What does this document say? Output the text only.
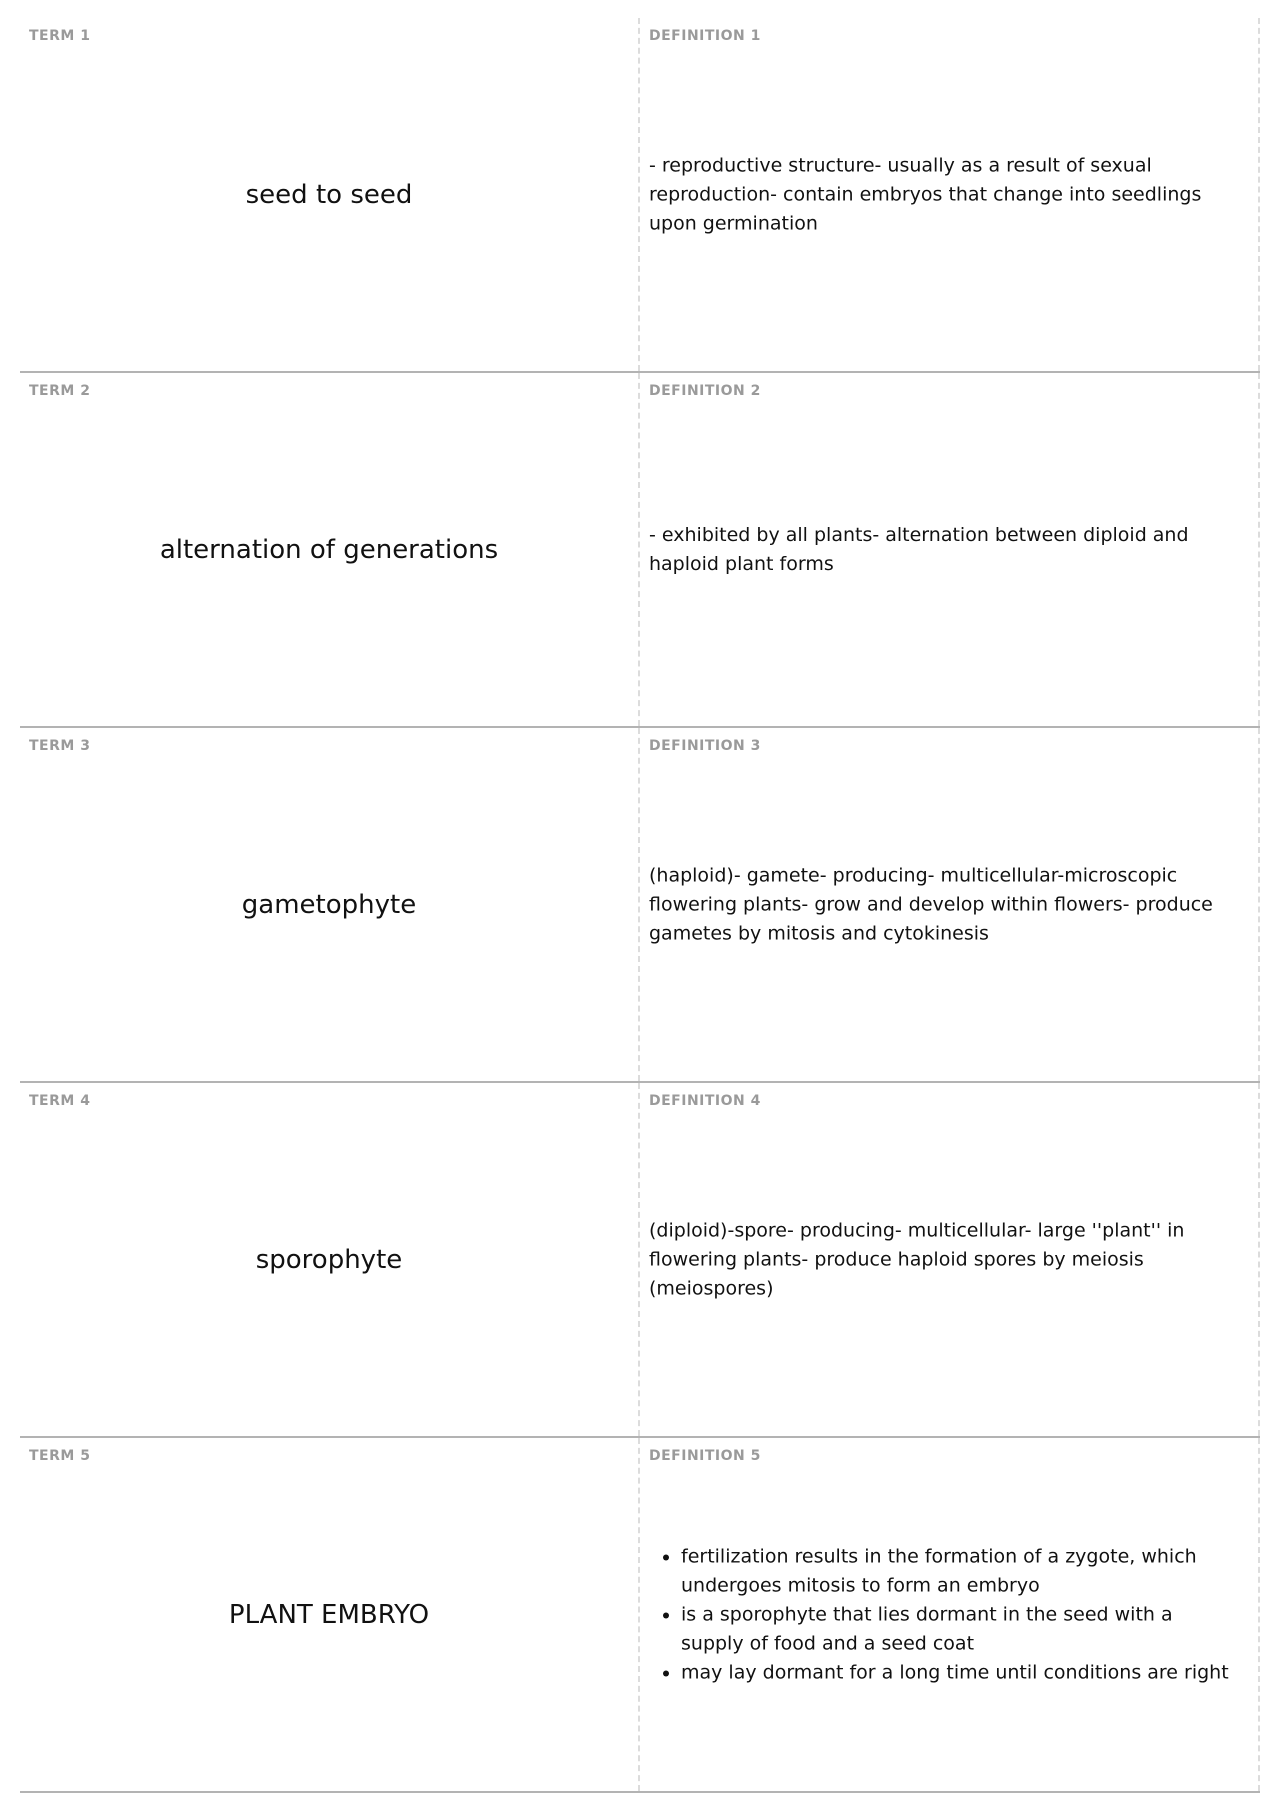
TERM 1
seed to seed
DEFINITION 1
- reproductive structure- usually as a result of sexual reproduction- contain embryos that change into seedlings upon germination
TERM 2
alternation of generations
DEFINITION 2
- exhibited by all plants- alternation between diploid and haploid plant forms
TERM 3
gametophyte
DEFINITION 3
(haploid)- gamete- producing- multicellular-microscopic flowering plants- grow and develop within flowers- produce gametes by mitosis and cytokinesis
TERM 4
sporophyte
DEFINITION 4
(diploid)-spore- producing- multicellular- large ''plant'' in flowering plants- produce haploid spores by meiosis (meiospores)
TERM 5
PLANT EMBRYO
DEFINITION 5
• fertilization results in the formation of a zygote, which undergoes mitosis to form an embryo
• is a sporophyte that lies dormant in the seed with a supply of food and a seed coat
• may lay dormant for a long time until conditions are right
